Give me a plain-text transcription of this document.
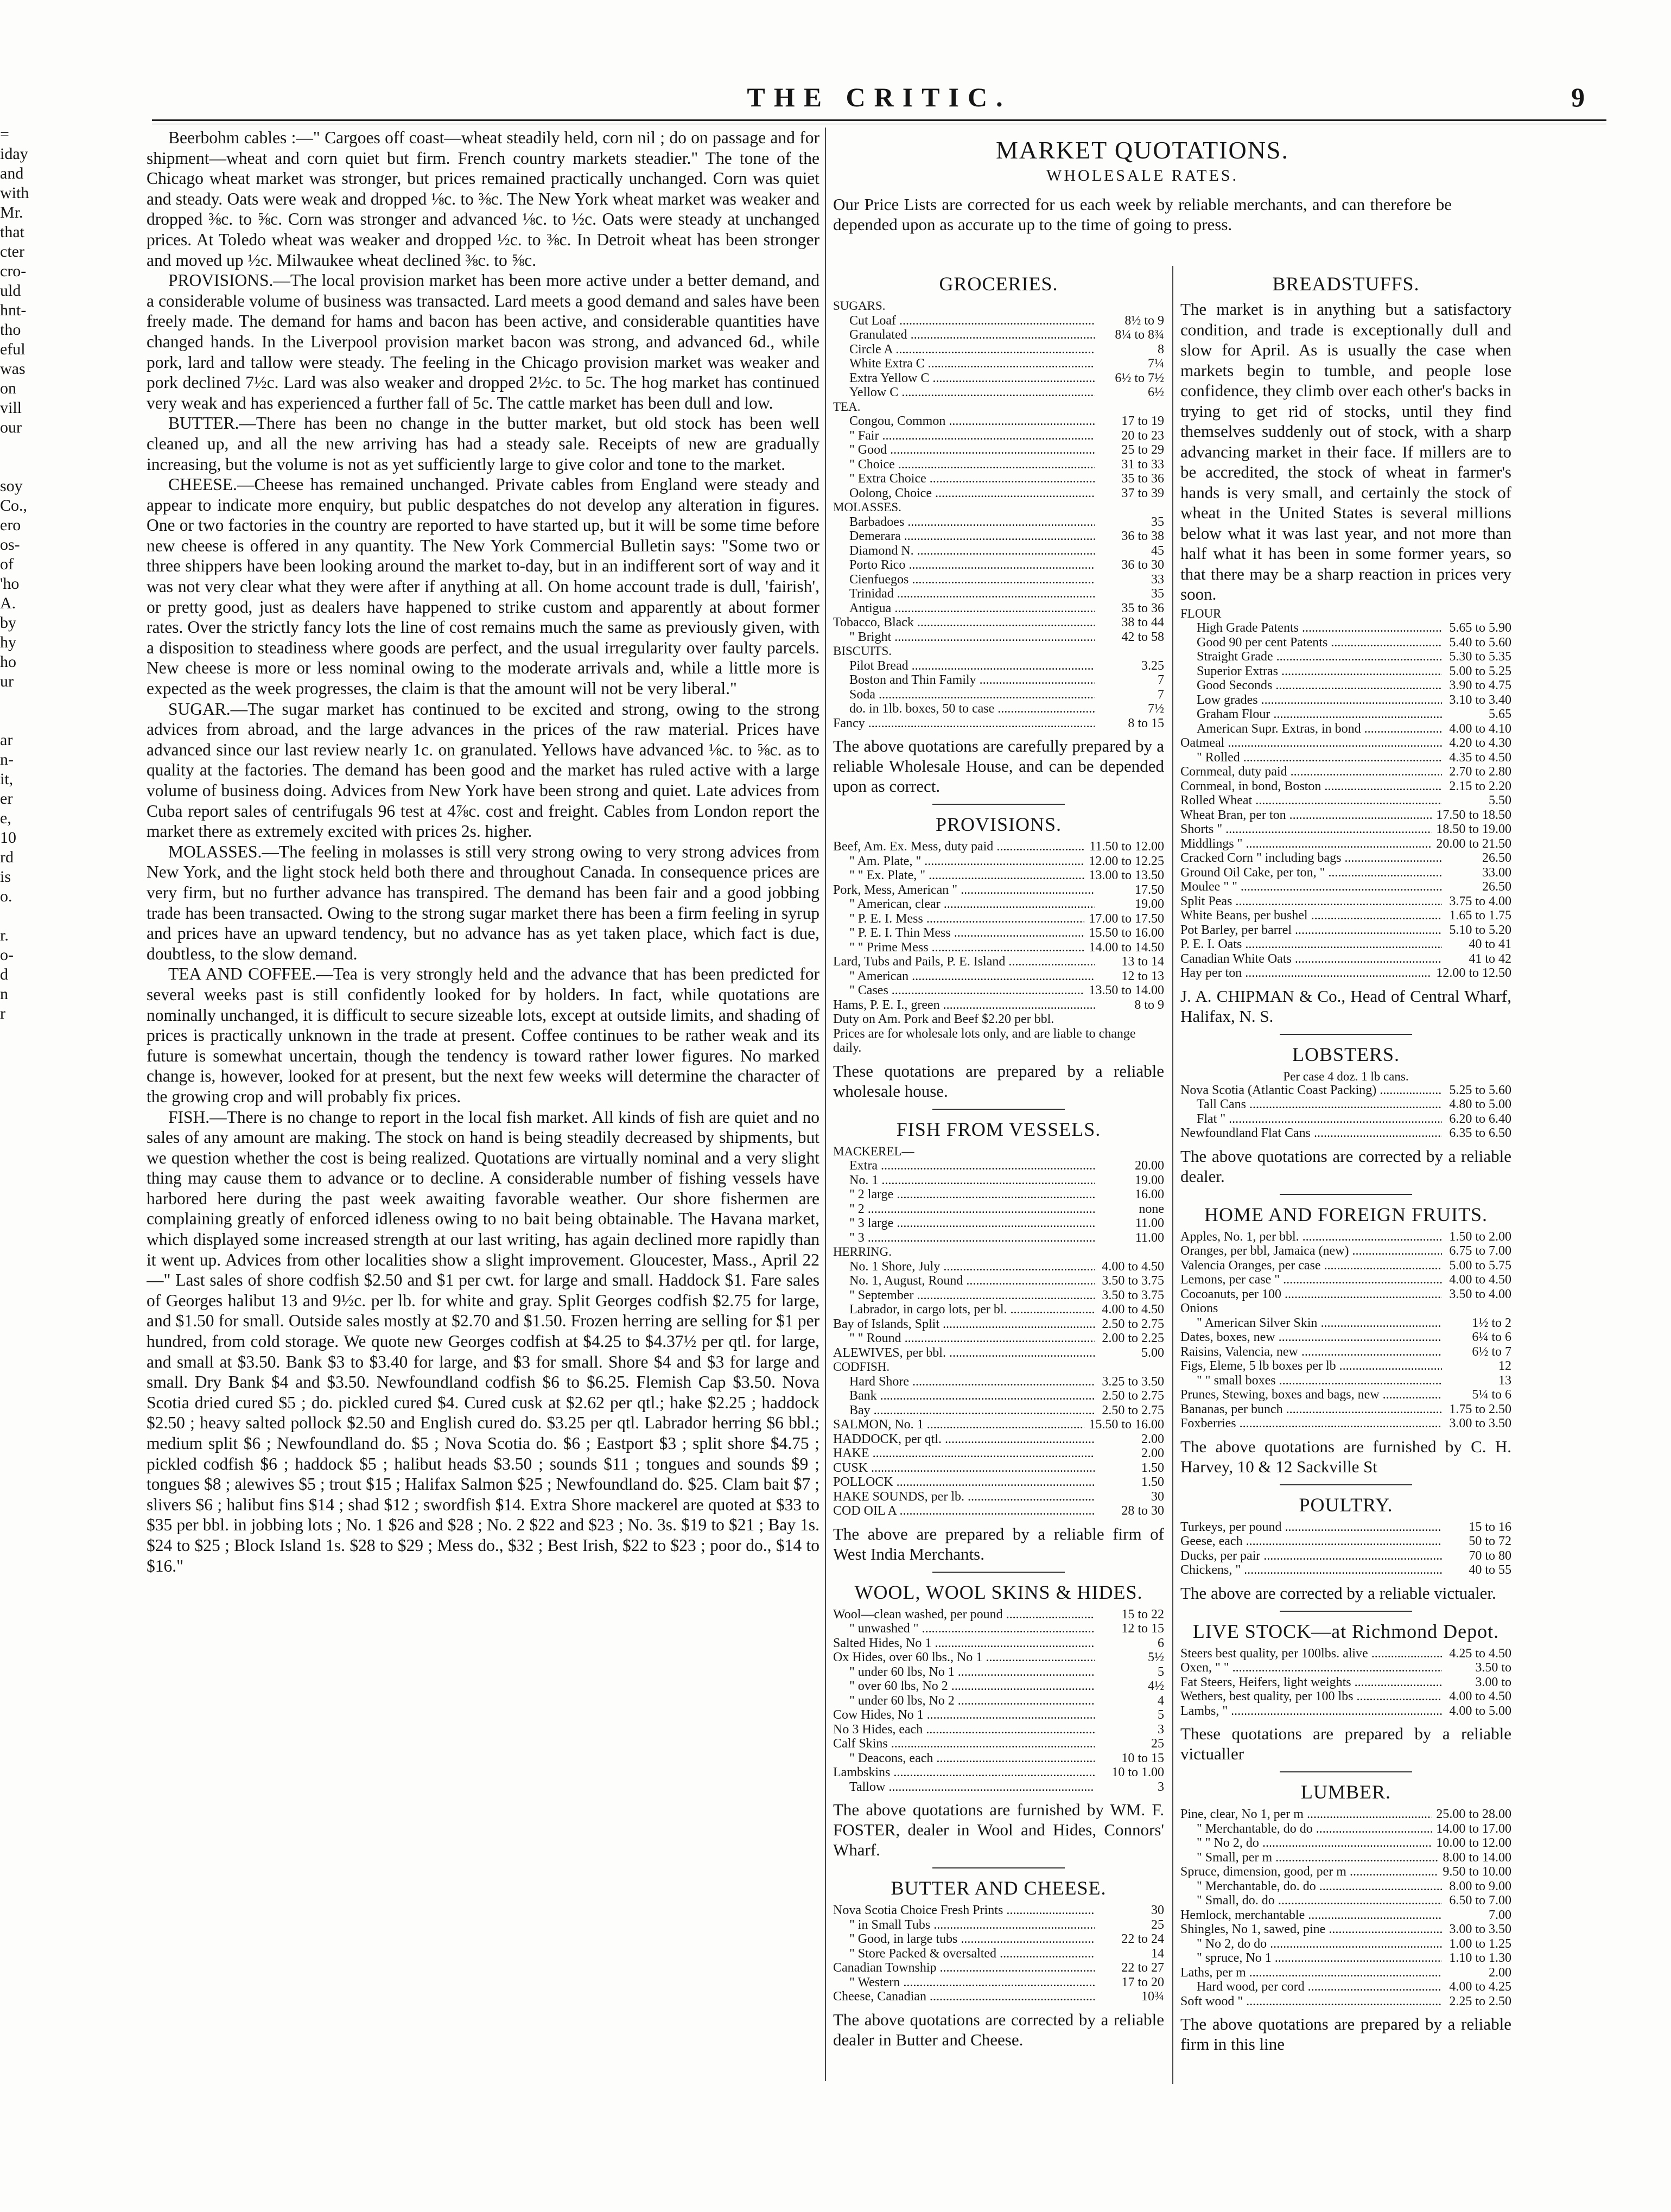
THE CRITIC.	9
=
iday
and
with
Mr.
that
cter
cro-
uld
hnt-
tho
eful
was
on
vill
our
soy
Co.,
ero
os-
of
'ho
A.
by
hy
ho
ur
ar
n-
it,
er
e,
10
rd
is
o.
r.
o-
d
n
r

Beerbohm cables :—" Cargoes off coast—wheat steadily held, corn nil ; do on passage and for shipment—wheat and corn quiet but firm. French country markets steadier." The tone of the Chicago wheat market was stronger, but prices remained practically unchanged. Corn was quiet and steady. Oats were weak and dropped ⅛c. to ⅜c. The New York wheat market was weaker and dropped ⅜c. to ⅝c. Corn was stronger and advanced ⅛c. to ½c. Oats were steady at unchanged prices. At Toledo wheat was weaker and dropped ½c. to ⅜c. In Detroit wheat has been stronger and moved up ½c. Milwaukee wheat declined ⅜c. to ⅝c.

PROVISIONS.—The local provision market has been more active under a better demand, and a considerable volume of business was transacted. Lard meets a good demand and sales have been freely made. The demand for hams and bacon has been active, and considerable quantities have changed hands. In the Liverpool provision market bacon was strong, and advanced 6d., while pork, lard and tallow were steady. The feeling in the Chicago provision market was weaker and pork declined 7½c. Lard was also weaker and dropped 2½c. to 5c. The hog market has continued very weak and has experienced a further fall of 5c. The cattle market has been dull and low.

BUTTER.—There has been no change in the butter market, but old stock has been well cleaned up, and all the new arriving has had a steady sale. Receipts of new are gradually increasing, but the volume is not as yet sufficiently large to give color and tone to the market.

CHEESE.—Cheese has remained unchanged. Private cables from England were steady and appear to indicate more enquiry, but public despatches do not develop any alteration in figures. One or two factories in the country are reported to have started up, but it will be some time before new cheese is offered in any quantity. The New York Commercial Bulletin says: "Some two or three shippers have been looking around the market to-day, but in an indifferent sort of way and it was not very clear what they were after if anything at all. On home account trade is dull, 'fairish', or pretty good, just as dealers have happened to strike custom and apparently at about former rates. Over the strictly fancy lots the line of cost remains much the same as previously given, with a disposition to steadiness where goods are perfect, and the usual irregularity over faulty parcels. New cheese is more or less nominal owing to the moderate arrivals and, while a little more is expected as the week progresses, the claim is that the amount will not be very liberal."

SUGAR.—The sugar market has continued to be excited and strong, owing to the strong advices from abroad, and the large advances in the prices of the raw material. Prices have advanced since our last review nearly 1c. on granulated. Yellows have advanced ⅛c. to ⅝c. as to quality at the factories. The demand has been good and the market has ruled active with a large volume of business doing. Advices from New York have been strong and quiet. Late advices from Cuba report sales of centrifugals 96 test at 4⅞c. cost and freight. Cables from London report the market there as extremely excited with prices 2s. higher.

MOLASSES.—The feeling in molasses is still very strong owing to very strong advices from New York, and the light stock held both there and throughout Canada. In consequence prices are very firm, but no further advance has transpired. The demand has been fair and a good jobbing trade has been transacted. Owing to the strong sugar market there has been a firm feeling in syrup and prices have an upward tendency, but no advance has as yet taken place, which fact is due, doubtless, to the slow demand.

TEA AND COFFEE.—Tea is very strongly held and the advance that has been predicted for several weeks past is still confidently looked for by holders. In fact, while quotations are nominally unchanged, it is difficult to secure sizeable lots, except at outside limits, and shading of prices is practically unknown in the trade at present. Coffee continues to be rather weak and its future is somewhat uncertain, though the tendency is toward rather lower figures. No marked change is, however, looked for at present, but the next few weeks will determine the character of the growing crop and will probably fix prices.

FISH.—There is no change to report in the local fish market. All kinds of fish are quiet and no sales of any amount are making. The stock on hand is being steadily decreased by shipments, but we question whether the cost is being realized. Quotations are virtually nominal and a very slight thing may cause them to advance or to decline. A considerable number of fishing vessels have harbored here during the past week awaiting favorable weather. Our shore fishermen are complaining greatly of enforced idleness owing to no bait being obtainable. The Havana market, which displayed some increased strength at our last writing, has again declined more rapidly than it went up. Advices from other localities show a slight improvement. Gloucester, Mass., April 22—" Last sales of shore codfish $2.50 and $1 per cwt. for large and small. Haddock $1. Fare sales of Georges halibut 13 and 9½c. per lb. for white and gray. Split Georges codfish $2.75 for large, and $1.50 for small. Outside sales mostly at $2.70 and $1.50. Frozen herring are selling for $1 per hundred, from cold storage. We quote new Georges codfish at $4.25 to $4.37½ per qtl. for large, and small at $3.50. Bank $3 to $3.40 for large, and $3 for small. Shore $4 and $3 for large and small. Dry Bank $4 and $3.50. Newfoundland codfish $6 to $6.25. Flemish Cap $3.50. Nova Scotia dried cured $5 ; do. pickled cured $4. Cured cusk at $2.62 per qtl.; hake $2.25 ; haddock $2.50 ; heavy salted pollock $2.50 and English cured do. $3.25 per qtl. Labrador herring $6 bbl.; medium split $6 ; Newfoundland do. $5 ; Nova Scotia do. $6 ; Eastport $3 ; split shore $4.75 ; pickled codfish $6 ; haddock $5 ; halibut heads $3.50 ; sounds $11 ; tongues and sounds $9 ; tongues $8 ; alewives $5 ; trout $15 ; Halifax Salmon $25 ; Newfoundland do. $25. Clam bait $7 ; slivers $6 ; halibut fins $14 ; shad $12 ; swordfish $14. Extra Shore mackerel are quoted at $33 to $35 per bbl. in jobbing lots ; No. 1 $26 and $28 ; No. 2 $22 and $23 ; No. 3s. $19 to $21 ; Bay 1s. $24 to $25 ; Block Island 1s. $28 to $29 ; Mess do., $32 ; Best Irish, $22 to $23 ; poor do., $14 to $16."

MARKET QUOTATIONS.
WHOLESALE RATES.
Our Price Lists are corrected for us each week by reliable merchants, and can therefore be depended upon as accurate up to the time of going to press.
GROCERIES.
SUGARS.
Cut Loaf .....	8½ to 9
Granulated .....	8¼ to 8¾
Circle A .....	8
White Extra C .....	7¼
Extra Yellow C .....	6½ to 7½
Yellow C .....	6½
TEA.
Congou, Common .....	17 to 19
" Fair .....	20 to 23
" Good .....	25 to 29
" Choice .....	31 to 33
" Extra Choice .....	35 to 36
Oolong, Choice .....	37 to 39
MOLASSES.
Barbadoes .....	35
Demerara .....	36 to 38
Diamond N. .....	45
Porto Rico .....	36 to 30
Cienfuegos .....	33
Trinidad .....	35
Antigua .....	35 to 36
Tobacco, Black .....	38 to 44
" Bright .....	42 to 58
BISCUITS.
Pilot Bread .....	3.25
Boston and Thin Family .....	7
Soda .....	7
do. in 1lb. boxes, 50 to case .....	7½
Fancy .....	8 to 15
The above quotations are carefully prepared by a reliable Wholesale House, and can be depended upon as correct.
PROVISIONS.
Beef, Am. Ex. Mess, duty paid .....	11.50 to 12.00
" Am. Plate, " .....	12.00 to 12.25
" " Ex. Plate, " .....	13.00 to 13.50
Pork, Mess, American " .....	17.50
" American, clear .....	19.00
" P. E. I. Mess .....	17.00 to 17.50
" P. E. I. Thin Mess .....	15.50 to 16.00
" " Prime Mess .....	14.00 to 14.50
Lard, Tubs and Pails, P. E. Island .....	13 to 14
" American .....	12 to 13
" Cases .....	13.50 to 14.00
Hams, P. E. I., green .....	8 to 9
Duty on Am. Pork and Beef $2.20 per bbl.
Prices are for wholesale lots only, and are liable to change daily.
These quotations are prepared by a reliable wholesale house.
FISH FROM VESSELS.
MACKEREL—
Extra .....	20.00
No. 1 .....	19.00
" 2 large .....	16.00
" 2 .....	none
" 3 large .....	11.00
" 3 .....	11.00
HERRING.
No. 1 Shore, July .....	4.00 to 4.50
No. 1, August, Round .....	3.50 to 3.75
" September .....	3.50 to 3.75
Labrador, in cargo lots, per bl. .....	4.00 to 4.50
Bay of Islands, Split .....	2.50 to 2.75
" " Round .....	2.00 to 2.25
ALEWIVES, per bbl. .....	5.00
CODFISH.
Hard Shore .....	3.25 to 3.50
Bank .....	2.50 to 2.75
Bay .....	2.50 to 2.75
SALMON, No. 1 .....	15.50 to 16.00
HADDOCK, per qtl. .....	2.00
HAKE .....	2.00
CUSK .....	1.50
POLLOCK .....	1.50
HAKE SOUNDS, per lb. .....	30
COD OIL A .....	28 to 30
The above are prepared by a reliable firm of West India Merchants.
WOOL, WOOL SKINS & HIDES.
Wool—clean washed, per pound .....	15 to 22
" unwashed " .....	12 to 15
Salted Hides, No 1 .....	6
Ox Hides, over 60 lbs., No 1 .....	5½
" under 60 lbs, No 1 .....	5
" over 60 lbs, No 2 .....	4½
" under 60 lbs, No 2 .....	4
Cow Hides, No 1 .....	5
No 3 Hides, each .....	3
Calf Skins .....	25
" Deacons, each .....	10 to 15
Lambskins .....	10 to 1.00
Tallow .....	3
The above quotations are furnished by WM. F. FOSTER, dealer in Wool and Hides, Connors' Wharf.
BUTTER AND CHEESE.
Nova Scotia Choice Fresh Prints .....	30
" in Small Tubs .....	25
" Good, in large tubs .....	22 to 24
" Store Packed & oversalted .....	14
Canadian Township .....	22 to 27
" Western .....	17 to 20
Cheese, Canadian .....	10¾
The above quotations are corrected by a reliable dealer in Butter and Cheese.
BREADSTUFFS.
The market is in anything but a satisfactory condition, and trade is exceptionally dull and slow for April. As is usually the case when markets begin to tumble, and people lose confidence, they climb over each other's backs in trying to get rid of stocks, until they find themselves suddenly out of stock, with a sharp advancing market in their face. If millers are to be accredited, the stock of wheat in farmer's hands is very small, and certainly the stock of wheat in the United States is several millions below what it was last year, and not more than half what it has been in some former years, so that there may be a sharp reaction in prices very soon.
FLOUR
High Grade Patents .....	5.65 to 5.90
Good 90 per cent Patents .....	5.40 to 5.60
Straight Grade .....	5.30 to 5.35
Superior Extras .....	5.00 to 5.25
Good Seconds .....	3.90 to 4.75
Low grades .....	3.10 to 3.40
Graham Flour .....	5.65
American Supr. Extras, in bond .....	4.00 to 4.10
Oatmeal .....	4.20 to 4.30
" Rolled .....	4.35 to 4.50
Cornmeal, duty paid .....	2.70 to 2.80
Cornmeal, in bond, Boston .....	2.15 to 2.20
Rolled Wheat .....	5.50
Wheat Bran, per ton .....	17.50 to 18.50
Shorts " .....	18.50 to 19.00
Middlings " .....	20.00 to 21.50
Cracked Corn " including bags .....	26.50
Ground Oil Cake, per ton, " .....	33.00
Moulee " " .....	26.50
Split Peas .....	3.75 to 4.00
White Beans, per bushel .....	1.65 to 1.75
Pot Barley, per barrel .....	5.10 to 5.20
P. E. I. Oats .....	40 to 41
Canadian White Oats .....	41 to 42
Hay per ton .....	12.00 to 12.50
J. A. CHIPMAN & Co., Head of Central Wharf, Halifax, N. S.
LOBSTERS.
Per case 4 doz. 1 lb cans.
Nova Scotia (Atlantic Coast Packing) .....	5.25 to 5.60
Tall Cans .....	4.80 to 5.00
Flat " .....	6.20 to 6.40
Newfoundland Flat Cans .....	6.35 to 6.50
The above quotations are corrected by a reliable dealer.
HOME AND FOREIGN FRUITS.
Apples, No. 1, per bbl. .....	1.50 to 2.00
Oranges, per bbl, Jamaica (new) .....	6.75 to 7.00
Valencia Oranges, per case .....	5.00 to 5.75
Lemons, per case " .....	4.00 to 4.50
Cocoanuts, per 100 .....	3.50 to 4.00
Onions
" American Silver Skin .....	1½ to 2
Dates, boxes, new .....	6¼ to 6
Raisins, Valencia, new .....	6½ to 7
Figs, Eleme, 5 lb boxes per lb .....	12
" " small boxes .....	13
Prunes, Stewing, boxes and bags, new .....	5¼ to 6
Bananas, per bunch .....	1.75 to 2.50
Foxberries .....	3.00 to 3.50
The above quotations are furnished by C. H. Harvey, 10 & 12 Sackville St
POULTRY.
Turkeys, per pound .....	15 to 16
Geese, each .....	50 to 72
Ducks, per pair .....	70 to 80
Chickens, " .....	40 to 55
The above are corrected by a reliable victualer.
LIVE STOCK—at Richmond Depot.
Steers best quality, per 100lbs. alive .....	4.25 to 4.50
Oxen, " " .....	3.50 to
Fat Steers, Heifers, light weights .....	3.00 to
Wethers, best quality, per 100 lbs .....	4.00 to 4.50
Lambs, " .....	4.00 to 5.00
These quotations are prepared by a reliable victualler
LUMBER.
Pine, clear, No 1, per m .....	25.00 to 28.00
" Merchantable, do do .....	14.00 to 17.00
" " No 2, do .....	10.00 to 12.00
" Small, per m .....	8.00 to 14.00
Spruce, dimension, good, per m .....	9.50 to 10.00
" Merchantable, do. do .....	8.00 to 9.00
" Small, do. do .....	6.50 to 7.00
Hemlock, merchantable .....	7.00
Shingles, No 1, sawed, pine .....	3.00 to 3.50
" No 2, do do .....	1.00 to 1.25
" spruce, No 1 .....	1.10 to 1.30
Laths, per m .....	2.00
Hard wood, per cord .....	4.00 to 4.25
Soft wood " .....	2.25 to 2.50
The above quotations are prepared by a reliable firm in this line
